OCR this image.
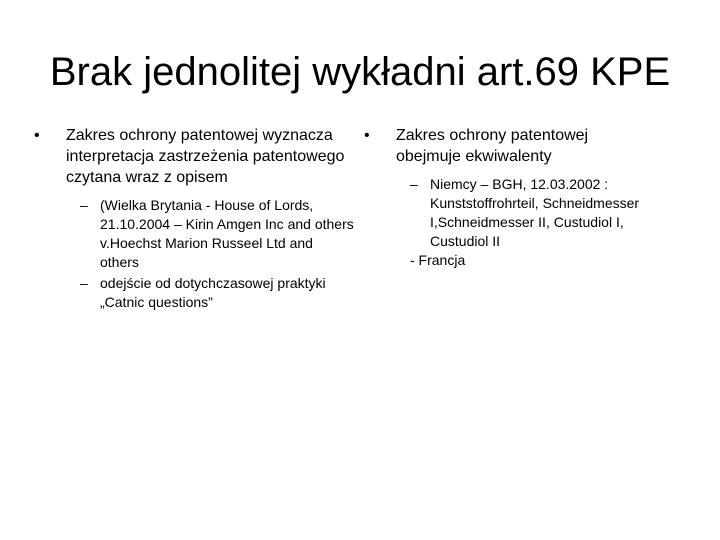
Brak jednolitej wykładni art.69 KPE
•	Zakres ochrony patentowej wyznacza interpretacja zastrzeżenia patentowego czytana wraz z opisem
– (Wielka Brytania - House of Lords, 21.10.2004 – Kirin Amgen Inc and others v.Hoechst Marion Russeel Ltd and others
– odejście od dotychczasowej praktyki „Catnic questions”
•	Zakres ochrony patentowej obejmuje ekwiwalenty
– Niemcy – BGH, 12.03.2002 : Kunststoffrohrteil, Schneidmesser I,Schneidmesser II, Custudiol I, Custudiol II
- Francja
